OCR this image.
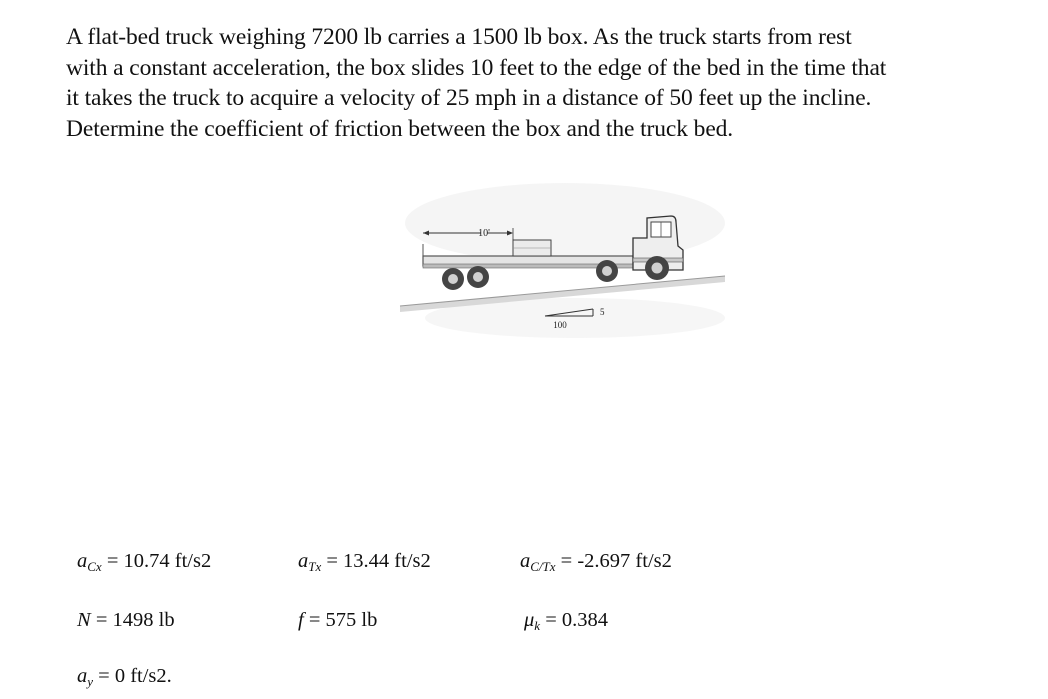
A flat-bed truck weighing 7200 lb carries a 1500 lb box. As the truck starts from rest
with a constant acceleration, the box slides 10 feet to the edge of the bed in the time that
it takes the truck to acquire a velocity of 25 mph in a distance of 50 feet up the incline.
Determine the coefficient of friction between the box and the truck bed.
10'
100
5
$a_{Cx} = 10.74$ ft/s2	$a_{Tx} = 13.44$ ft/s2	$a_{C/Tx} = -2.697$ ft/s2
N = 1498 lb	f = 575 lb	$\mu_k = 0.384$
$a_y = 0$ ft/s2.
